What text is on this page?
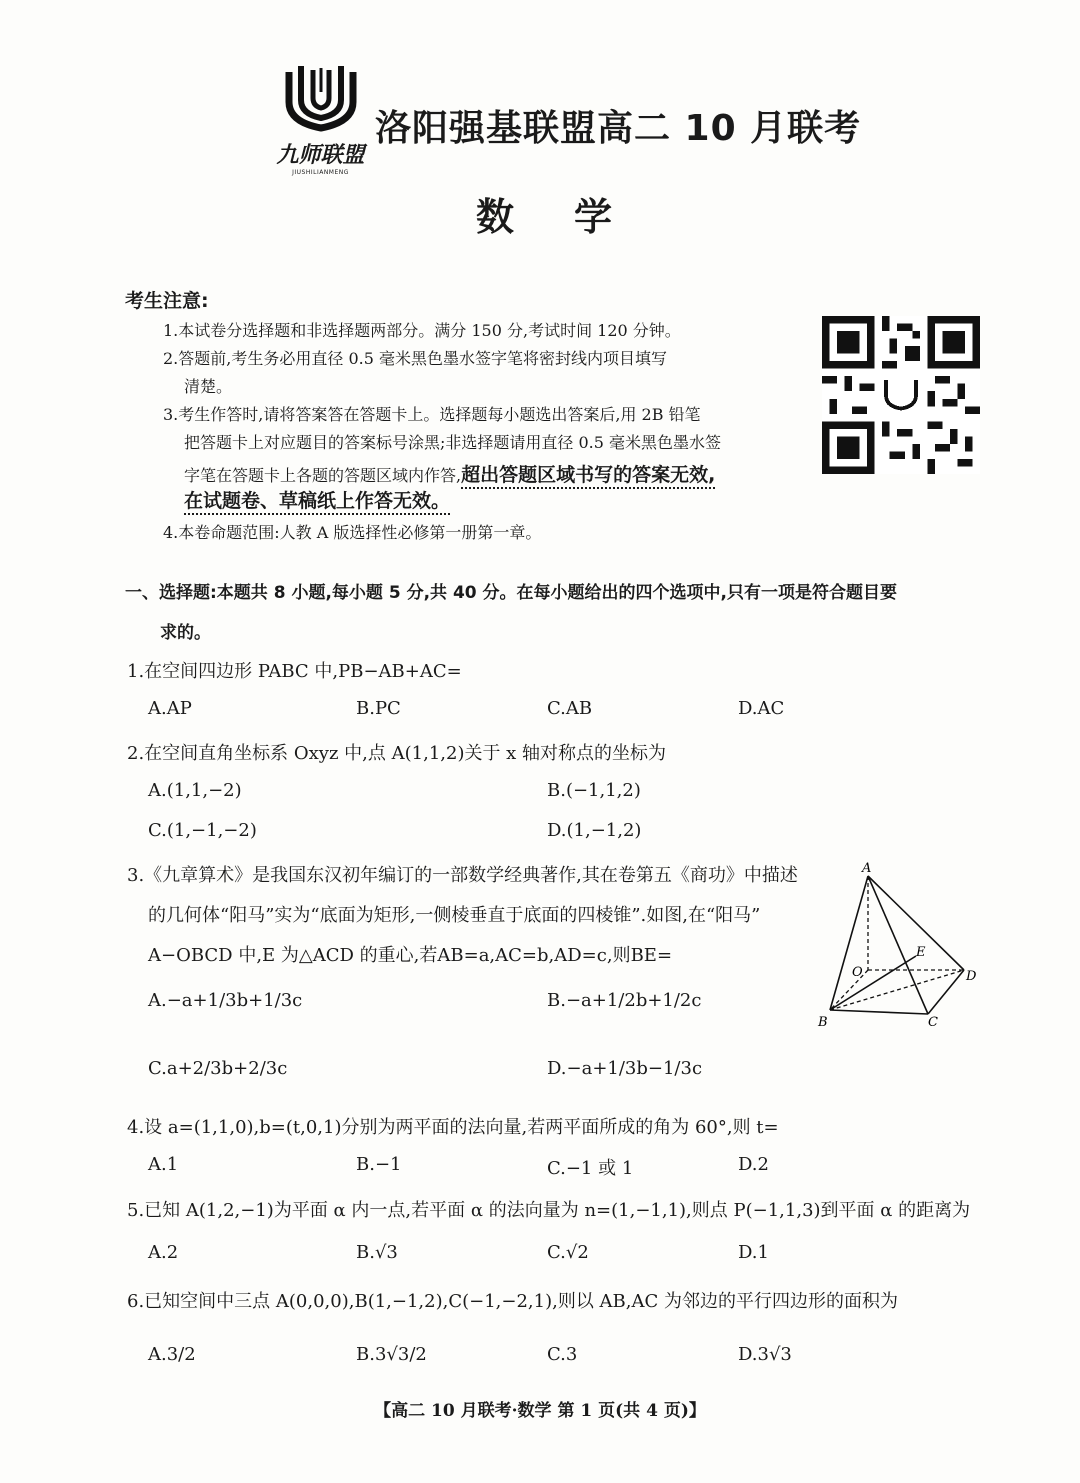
九师联盟
JIUSHILIANMENG
洛阳强基联盟高二 10 月联考
数学
考生注意:
1.本试卷分选择题和非选择题两部分。满分 150 分,考试时间 120 分钟。
2.答题前,考生务必用直径 0.5 毫米黑色墨水签字笔将密封线内项目填写
清楚。
3.考生作答时,请将答案答在答题卡上。选择题每小题选出答案后,用 2B 铅笔
把答题卡上对应题目的答案标号涂黑;非选择题请用直径 0.5 毫米黑色墨水签
字笔在答题卡上各题的答题区域内作答,超出答题区域书写的答案无效,
在试题卷、草稿纸上作答无效。
4.本卷命题范围:人教 A 版选择性必修第一册第一章。
一、选择题:本题共 8 小题,每小题 5 分,共 40 分。在每小题给出的四个选项中,只有一项是符合题目要
求的。
1.在空间四边形 PABC 中,PB−AB+AC=
A.AP	B.PC	C.AB	D.AC
2.在空间直角坐标系 Oxyz 中,点 A(1,1,2)关于 x 轴对称点的坐标为
A.(1,1,−2)	B.(−1,1,2)
C.(1,−1,−2)	D.(1,−1,2)
3.《九章算术》是我国东汉初年编订的一部数学经典著作,其在卷第五《商功》中描述
的几何体“阳马”实为“底面为矩形,一侧棱垂直于底面的四棱锥”.如图,在“阳马”
A−OBCD 中,E 为△ACD 的重心,若AB=a,AC=b,AD=c,则BE=
A.−a+1/3b+1/3c	B.−a+1/2b+1/2c
C.a+2/3b+2/3c	D.−a+1/3b−1/3c
A
E
O	D
B	C
4.设 a=(1,1,0),b=(t,0,1)分别为两平面的法向量,若两平面所成的角为 60°,则 t=
A.1	B.−1	C.−1 或 1	D.2
5.已知 A(1,2,−1)为平面 α 内一点,若平面 α 的法向量为 n=(1,−1,1),则点 P(−1,1,3)到平面 α 的距离为
A.2	B.√3	C.√2	D.1
6.已知空间中三点 A(0,0,0),B(1,−1,2),C(−1,−2,1),则以 AB,AC 为邻边的平行四边形的面积为
A.3/2	B.3√3/2	C.3	D.3√3
【高二 10 月联考·数学 第 1 页(共 4 页)】
